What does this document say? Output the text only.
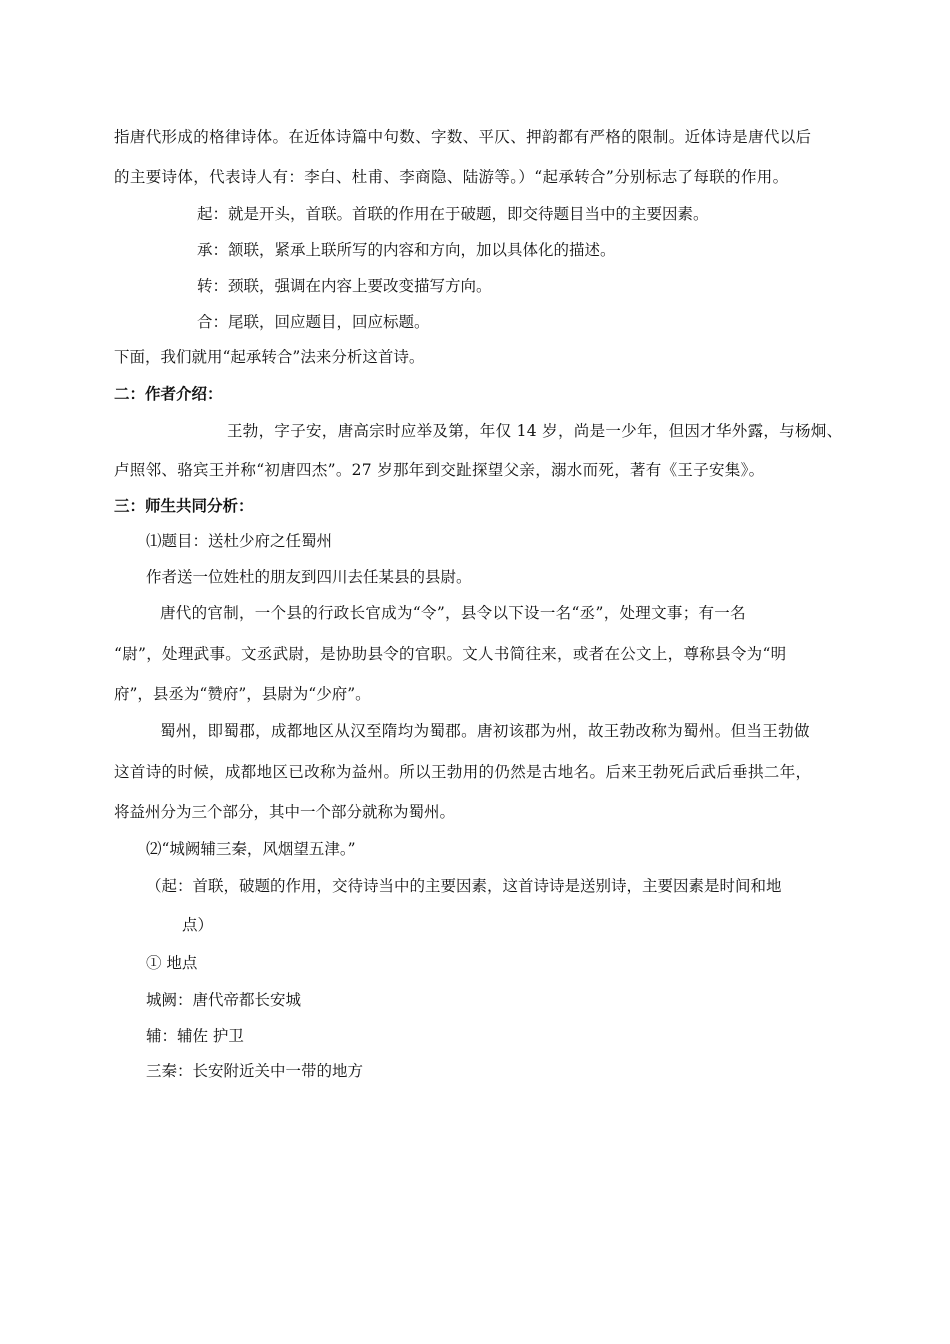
指唐代形成的格律诗体。在近体诗篇中句数、字数、平仄、押韵都有严格的限制。近体诗是唐代以后
的主要诗体，代表诗人有：李白、杜甫、李商隐、陆游等。）“起承转合”分别标志了每联的作用。
起：就是开头，首联。首联的作用在于破题，即交待题目当中的主要因素。
承：颔联，紧承上联所写的内容和方向，加以具体化的描述。
转：颈联，强调在内容上要改变描写方向。
合：尾联，回应题目，回应标题。
下面，我们就用“起承转合”法来分析这首诗。
二：作者介绍：
王勃，字子安，唐高宗时应举及第，年仅 14 岁，尚是一少年，但因才华外露，与杨炯、
卢照邻、骆宾王并称“初唐四杰”。27 岁那年到交趾探望父亲，溺水而死，著有《王子安集》。
三：师生共同分析：
⑴题目：送杜少府之任蜀州
作者送一位姓杜的朋友到四川去任某县的县尉。
唐代的官制，一个县的行政长官成为“令”，县令以下设一名“丞”，处理文事；有一名
“尉”，处理武事。文丞武尉，是协助县令的官职。文人书简往来，或者在公文上，尊称县令为“明
府”，县丞为“赞府”，县尉为“少府”。
蜀州，即蜀郡，成都地区从汉至隋均为蜀郡。唐初该郡为州，故王勃改称为蜀州。但当王勃做
这首诗的时候，成都地区已改称为益州。所以王勃用的仍然是古地名。后来王勃死后武后垂拱二年，
将益州分为三个部分，其中一个部分就称为蜀州。
⑵“城阙辅三秦，风烟望五津。”
（起：首联，破题的作用，交待诗当中的主要因素，这首诗诗是送别诗，主要因素是时间和地
点）
① 地点
城阙：唐代帝都长安城
辅：辅佐 护卫
三秦：长安附近关中一带的地方
